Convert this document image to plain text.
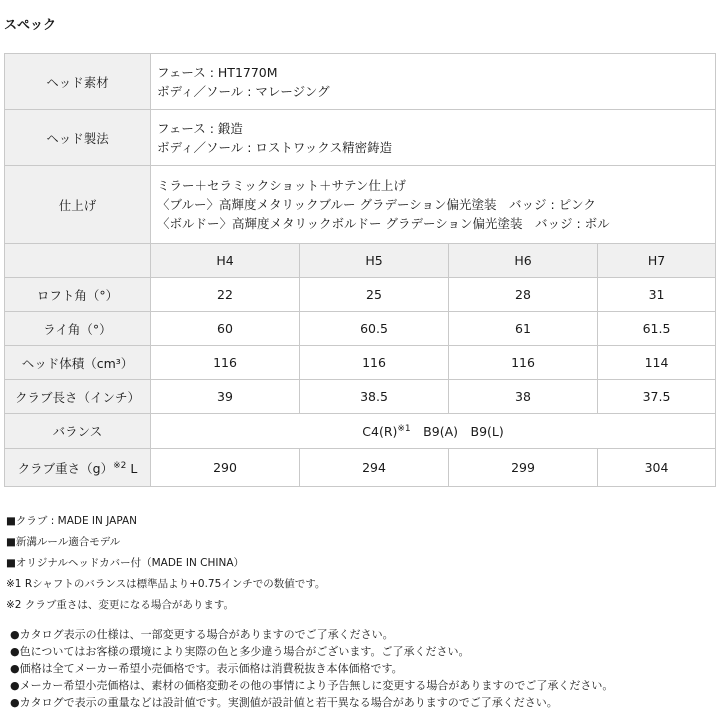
スペック
ヘッド素材	フェース : HT1770M
ボディ／ソール : マレージング			

ヘッド製法	フェース : 鍛造
ボディ／ソール : ロストワックス精密鋳造			

仕上げ	ミラー＋セラミックショット＋サテン仕上げ
〈ブルー〉高輝度メタリックブルー グラデーション偏光塗装　バッジ : ピンク
〈ボルドー〉高輝度メタリックボルドー グラデーション偏光塗装　バッジ : ボル			

	H4	H5	H6	H7
ロフト角（°）	22	25	28	31
ライ角（°）	60	60.5	61	61.5
ヘッド体積（cm³）	116	116	116	114
クラブ長さ（インチ）	39	38.5	38	37.5
バランス	$C4(R)^{※1}$　B9(A)　B9(L)			
クラブ重さ$(g)^{※2}$ L	290	294	299	304
■クラブ : MADE IN JAPAN
■新溝ルール適合モデル
■オリジナルヘッドカバー付（MADE IN CHINA）
※1 Rシャフトのバランスは標準品より+0.75インチでの数値です。
※2 クラブ重さは、変更になる場合があります。
●カタログ表示の仕様は、一部変更する場合がありますのでご了承ください。
●色についてはお客様の環境により実際の色と多少違う場合がございます。ご了承ください。
●価格は全てメーカー希望小売価格です。表示価格は消費税抜き本体価格です。
●メーカー希望小売価格は、素材の価格変動その他の事情により予告無しに変更する場合がありますのでご了承ください。
●カタログで表示の重量などは設計値です。実測値が設計値と若干異なる場合がありますのでご了承ください。
